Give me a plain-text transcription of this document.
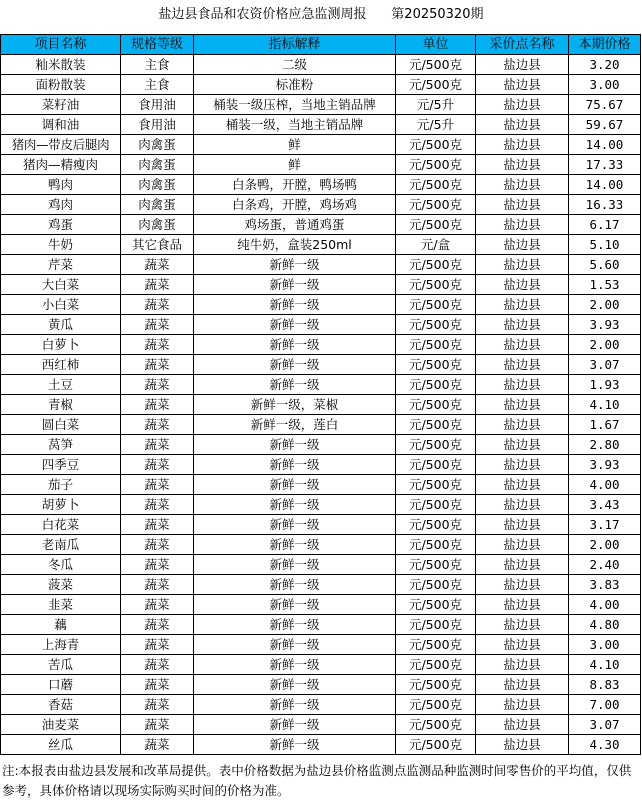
盐边县食品和农资价格应急监测周报      第20250320期
项目名称	规格等级	指标解释	单位	采价点名称	本期价格
籼米散装	主食	二级	元/500克	盐边县	3.20
面粉散装	主食	标准粉	元/500克	盐边县	3.00
菜籽油	食用油	桶装一级压榨，当地主销品牌	元/5升	盐边县	75.67
调和油	食用油	桶装一级，当地主销品牌	元/5升	盐边县	59.67
猪肉—带皮后腿肉	肉禽蛋	鲜	元/500克	盐边县	14.00
猪肉—精瘦肉	肉禽蛋	鲜	元/500克	盐边县	17.33
鸭肉	肉禽蛋	白条鸭，开膛，鸭场鸭	元/500克	盐边县	14.00
鸡肉	肉禽蛋	白条鸡，开膛，鸡场鸡	元/500克	盐边县	16.33
鸡蛋	肉禽蛋	鸡场蛋，普通鸡蛋	元/500克	盐边县	6.17
牛奶	其它食品	纯牛奶，盒装250ml	元/盒	盐边县	5.10
芹菜	蔬菜	新鲜一级	元/500克	盐边县	5.60
大白菜	蔬菜	新鲜一级	元/500克	盐边县	1.53
小白菜	蔬菜	新鲜一级	元/500克	盐边县	2.00
黄瓜	蔬菜	新鲜一级	元/500克	盐边县	3.93
白萝卜	蔬菜	新鲜一级	元/500克	盐边县	2.00
西红柿	蔬菜	新鲜一级	元/500克	盐边县	3.07
土豆	蔬菜	新鲜一级	元/500克	盐边县	1.93
青椒	蔬菜	新鲜一级，菜椒	元/500克	盐边县	4.10
圆白菜	蔬菜	新鲜一级，莲白	元/500克	盐边县	1.67
莴笋	蔬菜	新鲜一级	元/500克	盐边县	2.80
四季豆	蔬菜	新鲜一级	元/500克	盐边县	3.93
茄子	蔬菜	新鲜一级	元/500克	盐边县	4.00
胡萝卜	蔬菜	新鲜一级	元/500克	盐边县	3.43
白花菜	蔬菜	新鲜一级	元/500克	盐边县	3.17
老南瓜	蔬菜	新鲜一级	元/500克	盐边县	2.00
冬瓜	蔬菜	新鲜一级	元/500克	盐边县	2.40
菠菜	蔬菜	新鲜一级	元/500克	盐边县	3.83
韭菜	蔬菜	新鲜一级	元/500克	盐边县	4.00
藕	蔬菜	新鲜一级	元/500克	盐边县	4.80
上海青	蔬菜	新鲜一级	元/500克	盐边县	3.00
苦瓜	蔬菜	新鲜一级	元/500克	盐边县	4.10
口蘑	蔬菜	新鲜一级	元/500克	盐边县	8.83
香菇	蔬菜	新鲜一级	元/500克	盐边县	7.00
油麦菜	蔬菜	新鲜一级	元/500克	盐边县	3.07
丝瓜	蔬菜	新鲜一级	元/500克	盐边县	4.30
注:本报表由盐边县发展和改革局提供。表中价格数据为盐边县价格监测点监测品种监测时间零售价的平均值，仅供参考，具体价格请以现场实际购买时间的价格为准。
